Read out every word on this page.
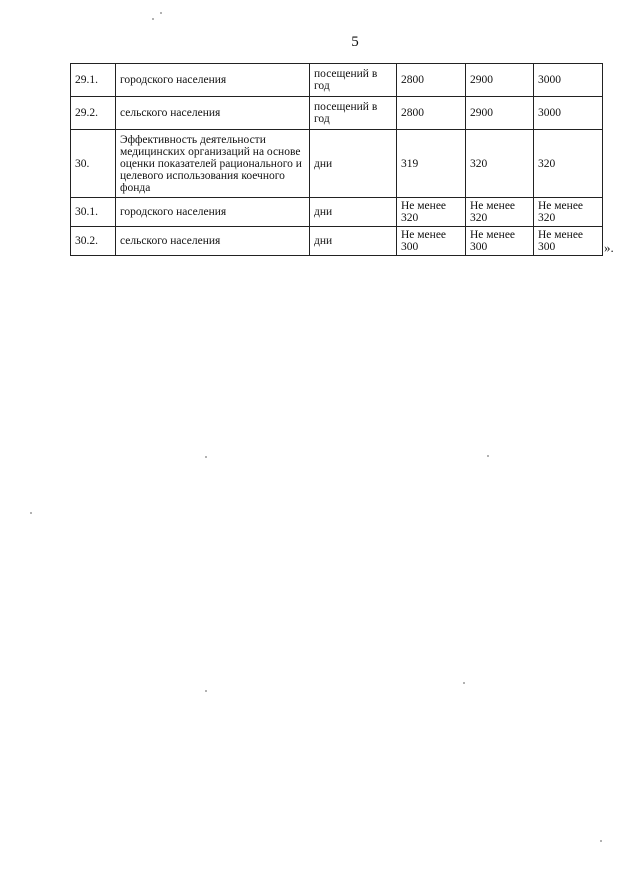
5
29.1.	городского населения	посещений в год	2800	2900	3000
29.2.	сельского населения	посещений в год	2800	2900	3000
30.	Эффективность деятельности медицинских организаций на основе оценки показателей рационального и целевого использования коечного фонда	дни	319	320	320
30.1.	городского населения	дни	Не менее 320	Не менее 320	Не менее 320
30.2.	сельского населения	дни	Не менее 300	Не менее 300	Не менее 300	».
